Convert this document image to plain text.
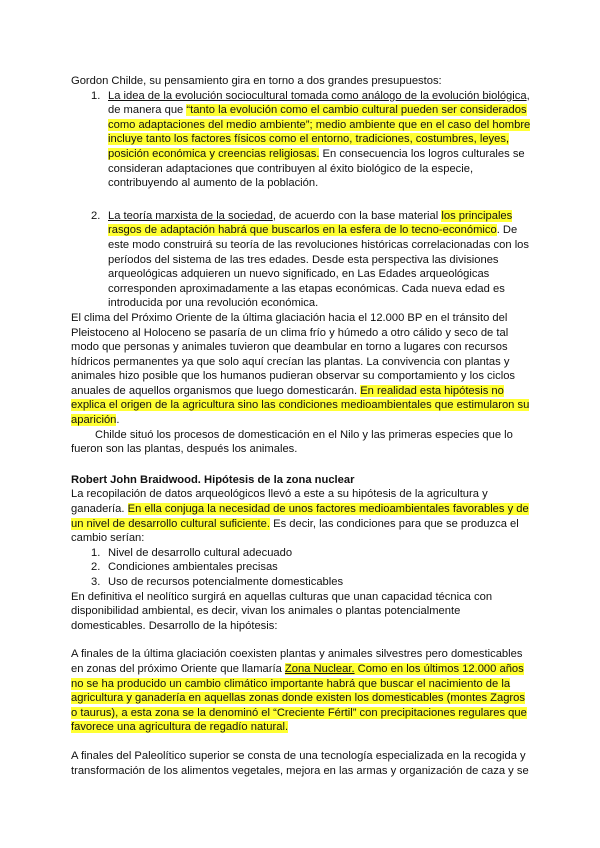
Gordon Childe, su pensamiento gira en torno a dos grandes presupuestos:

1. La idea de la evolución sociocultural tomada como análogo de la evolución biológica, de manera que “tanto la evolución como el cambio cultural pueden ser considerados como adaptaciones del medio ambiente”; medio ambiente que en el caso del hombre incluye tanto los factores físicos como el entorno, tradiciones, costumbres, leyes, posición económica y creencias religiosas. En consecuencia los logros culturales se consideran adaptaciones que contribuyen al éxito biológico de la especie, contribuyendo al aumento de la población.
2. La teoría marxista de la sociedad, de acuerdo con la base material los principales rasgos de adaptación habrá que buscarlos en la esfera de lo tecno-económico. De este modo construirá su teoría de las revoluciones históricas correlacionadas con los períodos del sistema de las tres edades. Desde esta perspectiva las divisiones arqueológicas adquieren un nuevo significado, en Las Edades arqueológicas corresponden aproximadamente a las etapas económicas. Cada nueva edad es introducida por una revolución económica.

El clima del Próximo Oriente de la última glaciación hacia el 12.000 BP en el tránsito del Pleistoceno al Holoceno se pasaría de un clima frío y húmedo a otro cálido y seco de tal modo que personas y animales tuvieron que deambular en torno a lugares con recursos hídricos permanentes ya que solo aquí crecían las plantas. La convivencia con plantas y animales hizo posible que los humanos pudieran observar su comportamiento y los ciclos anuales de aquellos organismos que luego domesticarán. En realidad esta hipótesis no explica el origen de la agricultura sino las condiciones medioambientales que estimularon su aparición.

Childe situó los procesos de domesticación en el Nilo y las primeras especies que lo fueron son las plantas, después los animales.

Robert John Braidwood. Hipótesis de la zona nuclear

La recopilación de datos arqueológicos llevó a este a su hipótesis de la agricultura y ganadería. En ella conjuga la necesidad de unos factores medioambientales favorables y de un nivel de desarrollo cultural suficiente. Es decir, las condiciones para que se produzca el cambio serían:

1. Nivel de desarrollo cultural adecuado
2. Condiciones ambientales precisas
3. Uso de recursos potencialmente domesticables

En definitiva el neolítico surgirá en aquellas culturas que unan capacidad técnica con disponibilidad ambiental, es decir, vivan los animales o plantas potencialmente domesticables. Desarrollo de la hipótesis:

A finales de la última glaciación coexisten plantas y animales silvestres pero domesticables en zonas del próximo Oriente que llamaría Zona Nuclear. Como en los últimos 12.000 años no se ha producido un cambio climático importante habrá que buscar el nacimiento de la agricultura y ganadería en aquellas zonas donde existen los domesticables (montes Zagros o taurus), a esta zona se la denominó el “Creciente Fértil” con precipitaciones regulares que favorece una agricultura de regadío natural.

A finales del Paleolítico superior se consta de una tecnología especializada en la recogida y transformación de los alimentos vegetales, mejora en las armas y organización de caza y se
